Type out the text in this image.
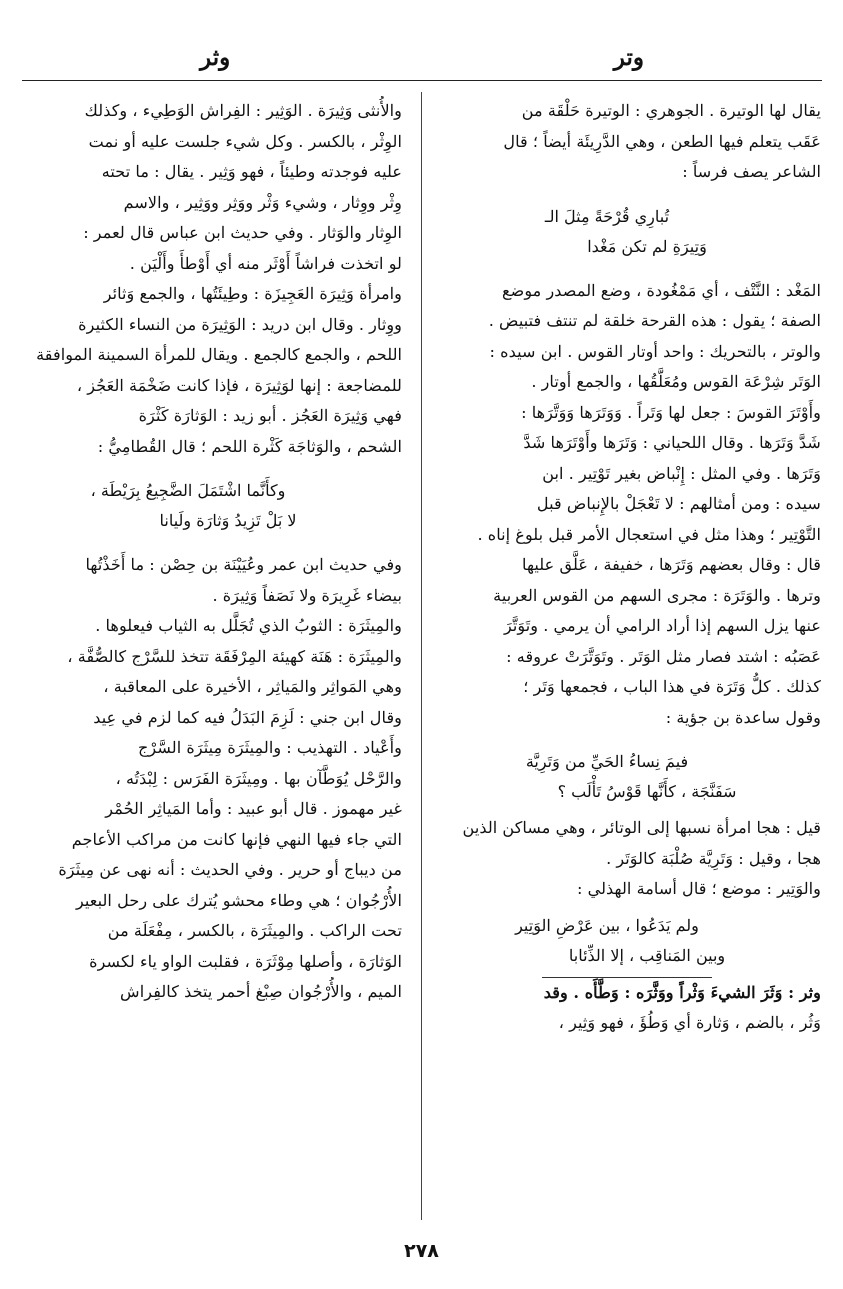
وتر
وثر
يقال لها الوتيرة . الجوهري : الوتيرة حَلْقَة من
عَقَب يتعلم فيها الطعن ، وهي الدَّرِيئَة أيضاً ؛ قال
الشاعر يصف فرساً :
تُبارِي قُرْحَةً مِثلَ الـ
وَتِيرَةِ لم تكن مَغْدا
المَغْد : النَّتْف ، أي مَمْغُودة ، وضع المصدر موضع
الصفة ؛ يقول : هذه القرحة خلقة لم تنتف فتبيض .
والوتر ، بالتحريك : واحد أوتار القوس . ابن سيده :
الوَتَر شِرْعَة القوس ومُعَلَّقُها ، والجمع أوتار .
وأَوْتَرَ القوسَ : جعل لها وَتَراً . وَوَتَرَها وَوَتَّرَها :
شَدَّ وَتَرَها . وقال اللحياني : وَتَرَها وأَوْتَرَها شَدَّ
وَتَرَها . وفي المثل : إِنْباض بغير تَوْتِير . ابن
سيده : ومن أمثالهم : لا تَعْجَلْ بالإِنباض قبل
التَّوْتِير ؛ وهذا مثل في استعجال الأمر قبل بلوغ إناه .
قال : وقال بعضهم وَتَرَها ، خفيفة ، عَلَّق عليها
وترها . والوَتَرَة : مجرى السهم من القوس العربية
عنها يزل السهم إذا أراد الرامي أن يرمي . وتَوَتَّرَ
عَصَبُه : اشتد فصار مثل الوَتَر . وتَوَتَّرَتْ عروقه :
كذلك . كلُّ وَتَرَة في هذا الباب ، فجمعها وَتَر ؛
وقول ساعدة بن جؤية :
فيمَ نِساءُ الحَيِّ من وَتَرِيَّة
سَفَنَّجَة ، كأَنَّها قَوْسُ تَأْلَب ؟
قيل : هجا امرأة نسبها إلى الوتائر ، وهي مساكن الذين
هجا ، وقيل : وَتَرِيَّة صُلْبَة كالوَتَر .
والوَتِير : موضع ؛ قال أسامة الهذلي :
ولم يَدَعُوا ، بين عَرْضِ الوَتِير
وبين المَناقِب ، إلا الذِّئابا
وثر : وَثَرَ الشيءَ وَثْراً ووَثَّرَه : وَطَّأَه . وقد
وَثُر ، بالضم ، وَثارة أي وَطُؤَ ، فهو وَثِير ،
والأُنثى وَثِيرَة . الوَثِير : الفِراش الوَطِيء ، وكذلك
الوِثْر ، بالكسر . وكل شيء جلست عليه أو نمت
عليه فوجدته وطيئاً ، فهو وَثِير . يقال : ما تحته
وِثْر ووِثار ، وشيء وَثْر ووَثِر ووَثِير ، والاسم
الوِثار والوَثار . وفي حديث ابن عباس قال لعمر :
لو اتخذت فراشاً أَوْثَر منه أي أَوْطأَ وأَلْيَن .
وامرأة وَثِيرَة العَجِيزَة : وطِيئَتُها ، والجمع وَثائر
ووِثار . وقال ابن دريد : الوَثِيرَة من النساء الكثيرة
اللحم ، والجمع كالجمع . ويقال للمرأة السمينة الموافقة
للمضاجعة : إنها لوَثِيرَة ، فإذا كانت ضَخْمَة العَجُز ،
فهي وَثِيرَة العَجُز . أبو زيد : الوَثارَة كَثْرَة
الشحم ، والوَثاجَة كَثْرة اللحم ؛ قال القُطامِيُّ :
وكأَنَّما اشْتَمَلَ الضَّجِيعُ بِرَيْطَة ،
لا بَلْ تَزِيدُ وَثارَة ولَيانا
وفي حديث ابن عمر وعُيَيْنَة بن حِصْن : ما أَخَذْتُها
بيضاء غَرِيرَة ولا نَصَفاً وَثِيرَة .
والمِيثَرَة : الثوبُ الذي تُجَلَّل به الثياب فيعلوها .
والمِيثَرَة : هَنَة كهيئة المِرْفَقَة تتخذ للسَّرْج كالصُّفَّة ،
وهي المَواثِر والمَياثِر ، الأخيرة على المعاقبة ،
وقال ابن جني : لَزِمَ البَدَلُ فيه كما لزم في عِيد
وأَعْياد . التهذيب : والمِيثَرَة مِيثَرَة السَّرْج
والرَّحْل يُوَطَّآن بها . ومِيثَرَة الفَرَس : لِبْدَتُه ،
غير مهموز . قال أبو عبيد : وأما المَياثِر الحُمْر
التي جاء فيها النهي فإنها كانت من مراكب الأعاجم
من ديباج أو حرير . وفي الحديث : أنه نهى عن مِيثَرَة
الأُرْجُوان ؛ هي وطاء محشو يُترك على رحل البعير
تحت الراكب . والمِيثَرَة ، بالكسر ، مِفْعَلَة من
الوَثارَة ، وأصلها مِوْثَرَة ، فقلبت الواو ياء لكسرة
الميم ، والأُرْجُوان صِبْغ أحمر يتخذ كالفِراش
٢٧٨
